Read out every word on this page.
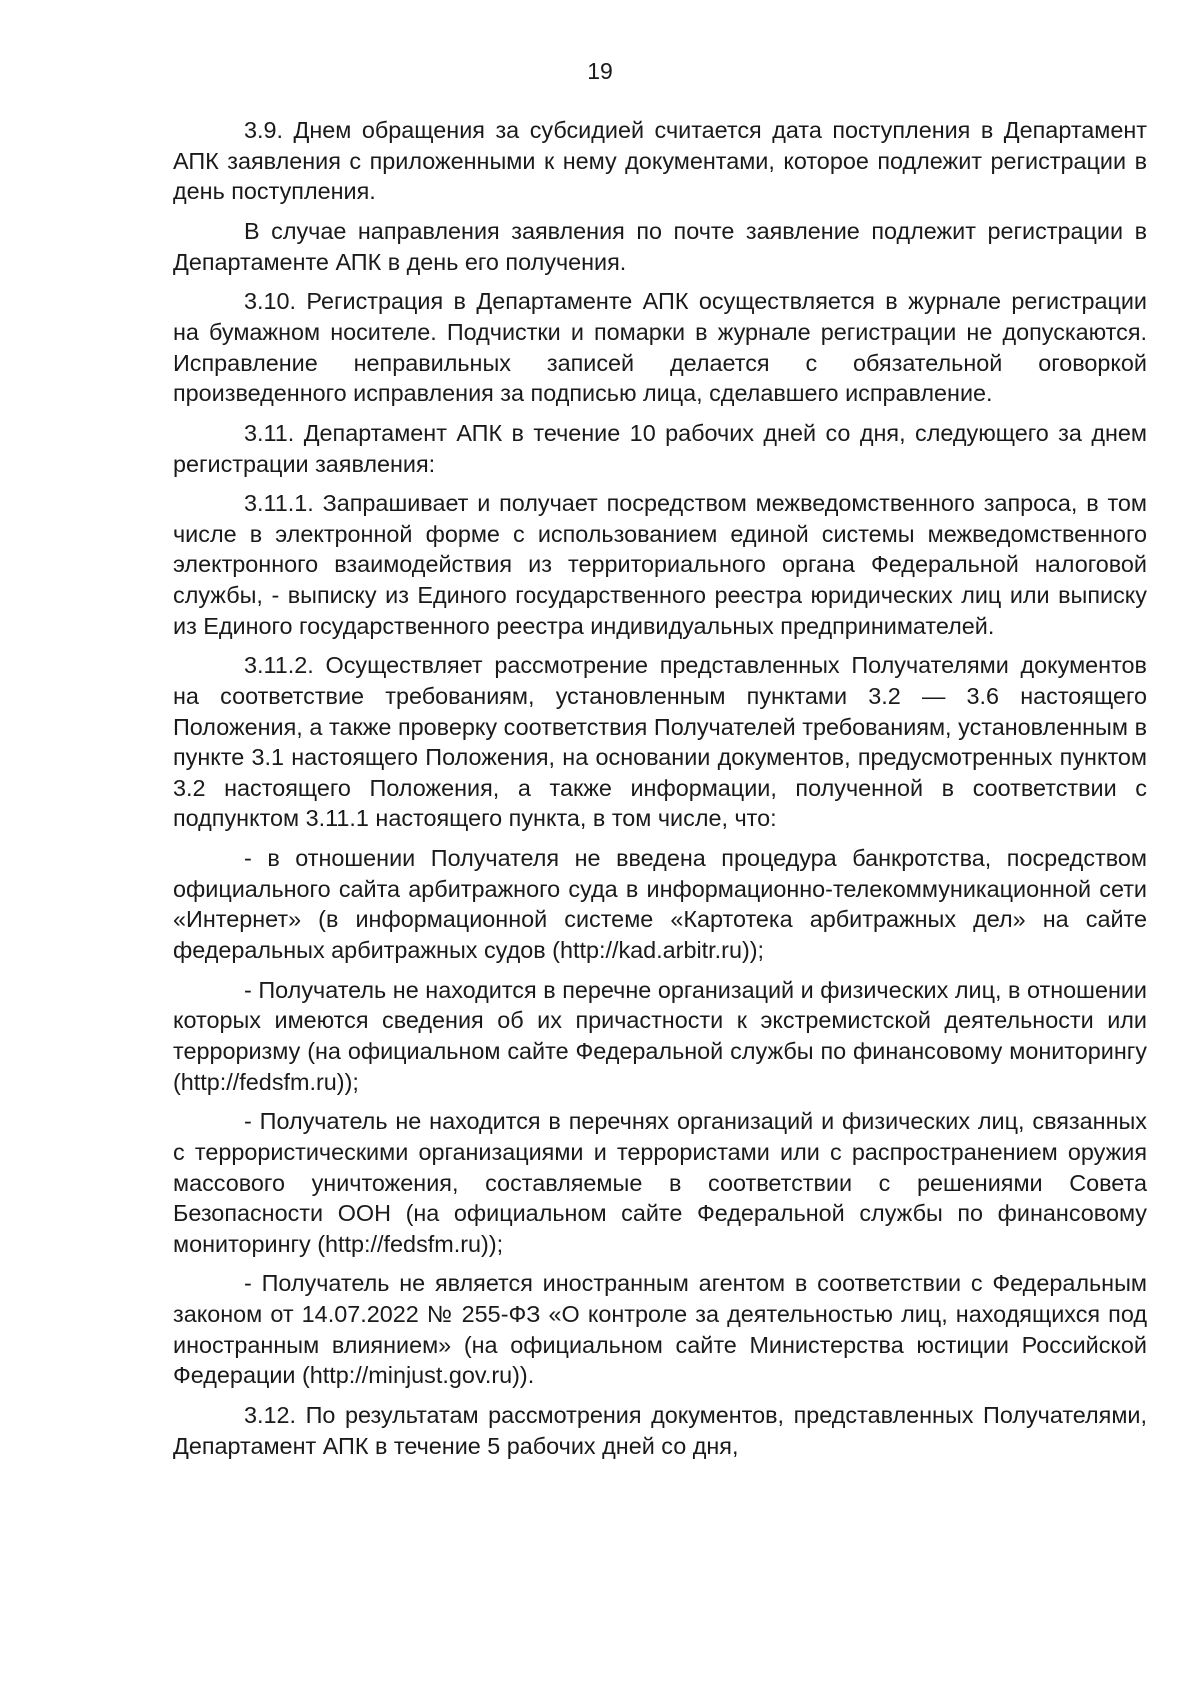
19

3.9. Днем обращения за субсидией считается дата поступления в Департамент АПК заявления с приложенными к нему документами, которое подлежит регистрации в день поступления.

В случае направления заявления по почте заявление подлежит регистрации в Департаменте АПК в день его получения.

3.10. Регистрация в Департаменте АПК осуществляется в журнале регистрации на бумажном носителе. Подчистки и помарки в журнале регистрации не допускаются. Исправление неправильных записей делается с обязательной оговоркой произведенного исправления за подписью лица, сделавшего исправление.

3.11. Департамент АПК в течение 10 рабочих дней со дня, следующего за днем регистрации заявления:

3.11.1. Запрашивает и получает посредством межведомственного запроса, в том числе в электронной форме с использованием единой системы межведомственного электронного взаимодействия из территориального органа Федеральной налоговой службы, - выписку из Единого государственного реестра юридических лиц или выписку из Единого государственного реестра индивидуальных предпринимателей.

3.11.2. Осуществляет рассмотрение представленных Получателями документов на соответствие требованиям, установленным пунктами 3.2 — 3.6 настоящего Положения, а также проверку соответствия Получателей требованиям, установленным в пункте 3.1 настоящего Положения, на основании документов, предусмотренных пунктом 3.2 настоящего Положения, а также информации, полученной в соответствии с подпунктом 3.11.1 настоящего пункта, в том числе, что:

- в отношении Получателя не введена процедура банкротства, посредством официального сайта арбитражного суда в информационно-телекоммуникационной сети «Интернет» (в информационной системе «Картотека арбитражных дел» на сайте федеральных арбитражных судов (http://kad.arbitr.ru));

- Получатель не находится в перечне организаций и физических лиц, в отношении которых имеются сведения об их причастности к экстремистской деятельности или терроризму (на официальном сайте Федеральной службы по финансовому мониторингу (http://fedsfm.ru));

- Получатель не находится в перечнях организаций и физических лиц, связанных с террористическими организациями и террористами или с распространением оружия массового уничтожения, составляемые в соответствии с решениями Совета Безопасности ООН (на официальном сайте Федеральной службы по финансовому мониторингу (http://fedsfm.ru));

- Получатель не является иностранным агентом в соответствии с Федеральным законом от 14.07.2022 № 255-ФЗ «О контроле за деятельностью лиц, находящихся под иностранным влиянием» (на официальном сайте Министерства юстиции Российской Федерации (http://minjust.gov.ru)).

3.12. По результатам рассмотрения документов, представленных Получателями, Департамент АПК в течение 5 рабочих дней со дня,
